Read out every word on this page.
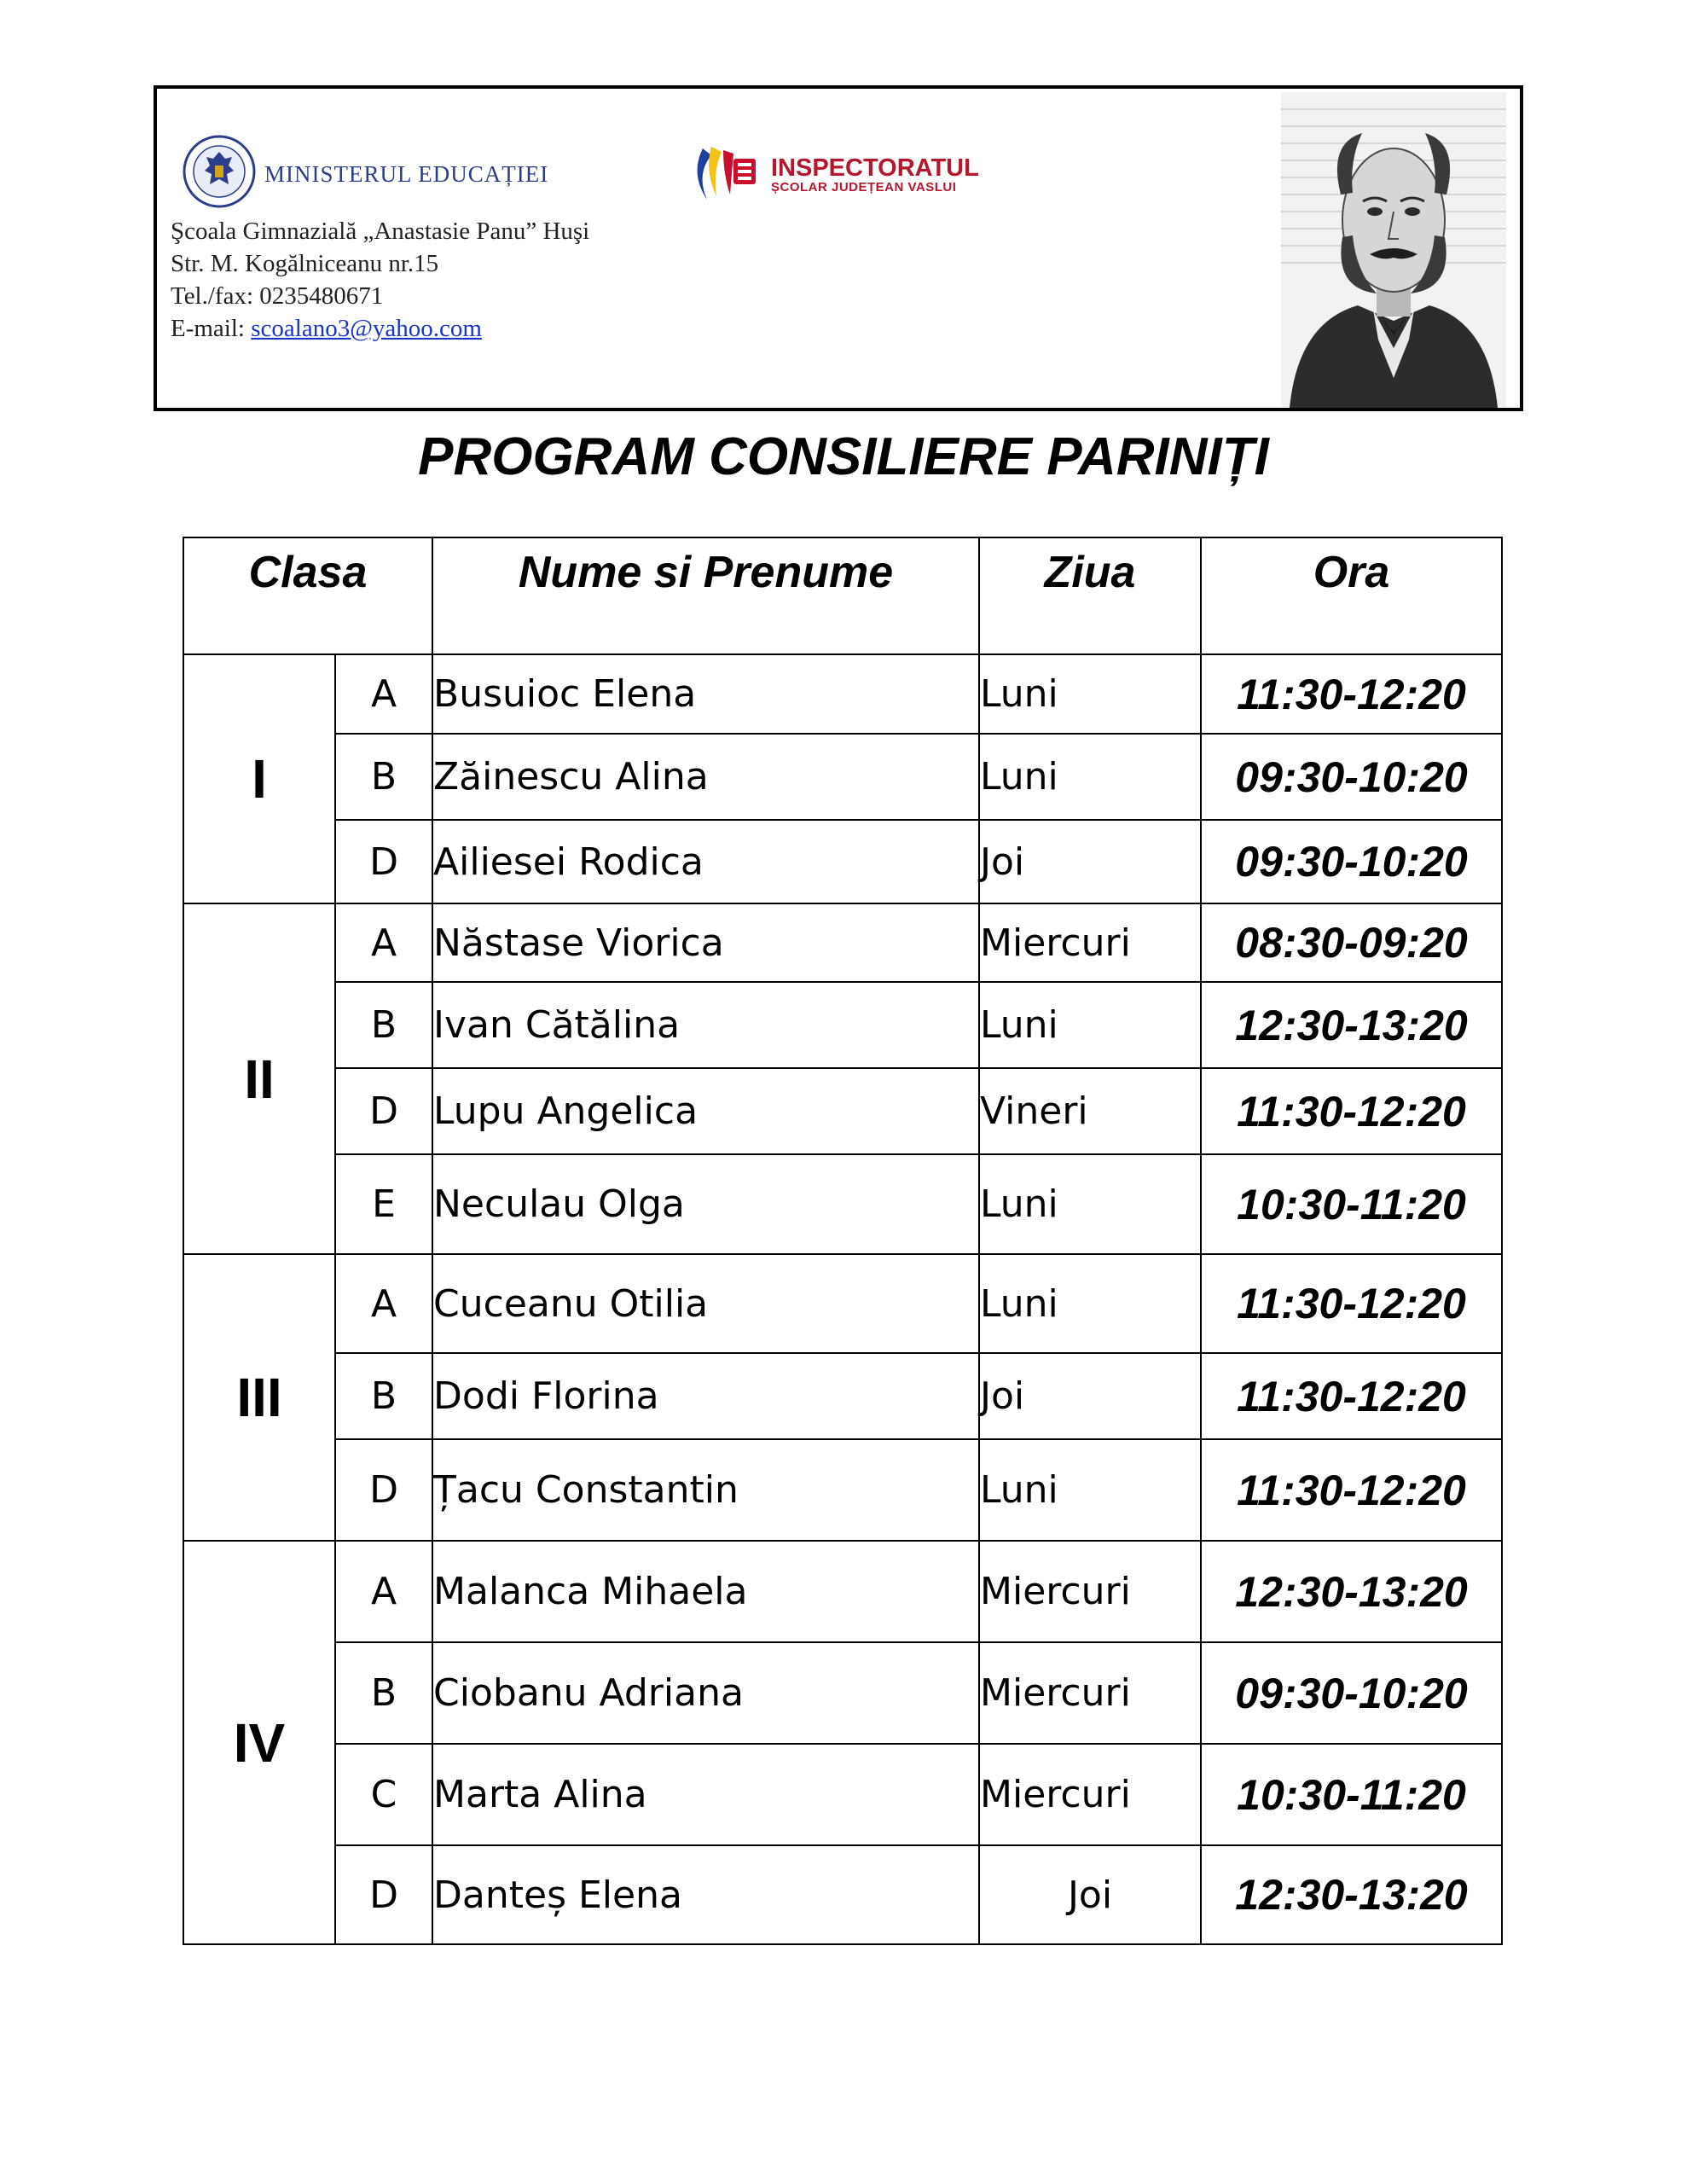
MINISTERUL EDUCAȚIEI	INSPECTORATUL
ȘCOLAR JUDEȚEAN VASLUI
Şcoala Gimnazială „Anastasie Panu” Huşi
Str. M. Kogălniceanu nr.15
Tel./fax: 0235480671
E-mail: scoalano3@yahoo.com
PROGRAM CONSILIERE PARINIȚI
Clasa		Nume si Prenume	Ziua	Ora
I	A	Busuioc Elena	Luni	11:30-12:20
	B	Zăinescu Alina	Luni	09:30-10:20
	D	Ailiesei Rodica	Joi	09:30-10:20
II	A	Năstase Viorica	Miercuri	08:30-09:20
	B	Ivan Cătălina	Luni	12:30-13:20
	D	Lupu Angelica	Vineri	11:30-12:20
	E	Neculau Olga	Luni	10:30-11:20
III	A	Cuceanu Otilia	Luni	11:30-12:20
	B	Dodi Florina	Joi	11:30-12:20
	D	Țacu Constantin	Luni	11:30-12:20
IV	A	Malanca Mihaela	Miercuri	12:30-13:20
	B	Ciobanu Adriana	Miercuri	09:30-10:20
	C	Marta Alina	Miercuri	10:30-11:20
	D	Danteș Elena	Joi	12:30-13:20
